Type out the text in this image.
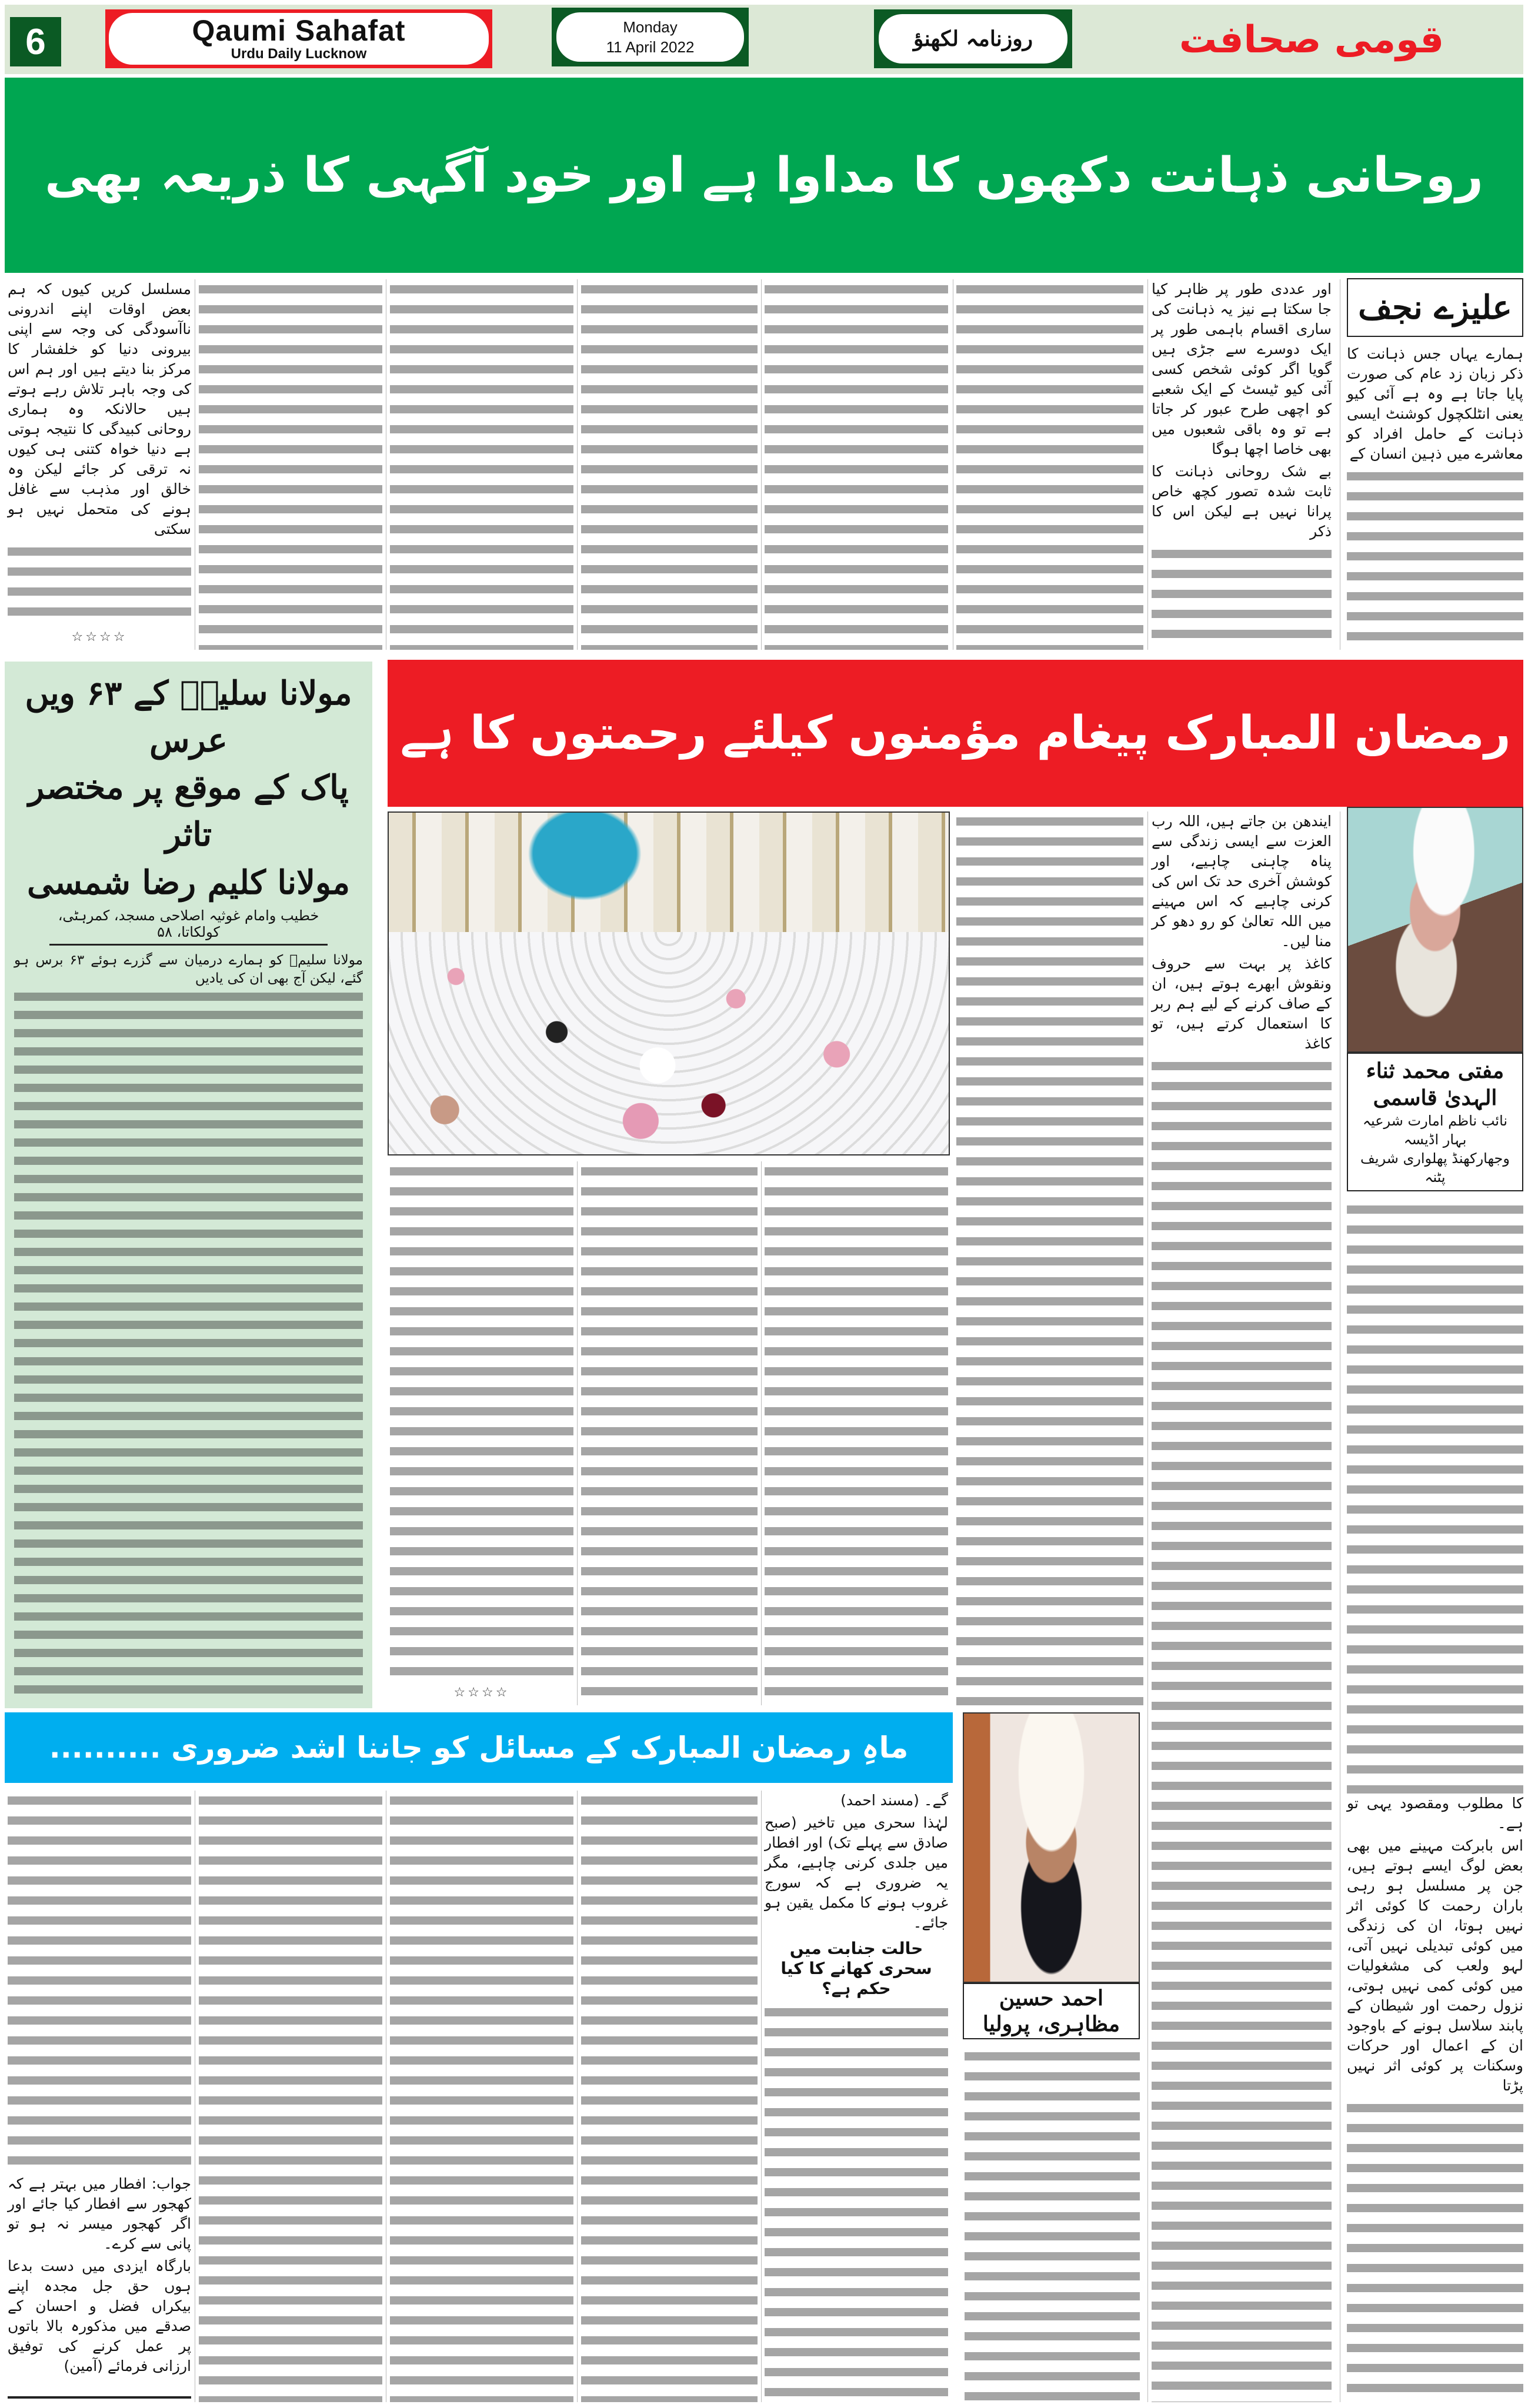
6	Qaumi Sahafat
Urdu Daily Lucknow
Monday
11 April 2022	روزنامہ لکھنؤ	قومی صحافت
روحانی ذہانت دکھوں کا مداوا ہے اور خود آگہی کا ذریعہ بھی
علیزے نجف

ہمارے یہاں جس ذہانت کا ذکر زبان زد عام کی صورت پایا جاتا ہے وہ ہے آئی کیو یعنی انٹلکچول کوشنٹ ایسی ذہانت کے حامل افراد کو معاشرے میں ذہین انسان کے

اور عددی طور پر ظاہر کیا جا سکتا ہے نیز یہ ذہانت کی ساری اقسام باہمی طور پر ایک دوسرے سے جڑی ہیں گویا اگر کوئی شخص کسی آئی کیو ٹیسٹ کے ایک شعبے کو اچھی طرح عبور کر جاتا ہے تو وہ باقی شعبوں میں بھی خاصا اچھا ہوگا

بے شک روحانی ذہانت کا ثابت شدہ تصور کچھ خاص پرانا نہیں ہے لیکن اس کا ذکر

مسلسل کریں کیوں کہ ہم بعض اوقات اپنے اندرونی ناآسودگی کی وجہ سے اپنی بیرونی دنیا کو خلفشار کا مرکز بنا دیتے ہیں اور ہم اس کی وجہ باہر تلاش رہے ہوتے ہیں حالانکہ وہ ہماری روحانی کبیدگی کا نتیجہ ہوتی ہے دنیا خواہ کتنی ہی کیوں نہ ترقی کر جائے لیکن وہ خالق اور مذہب سے غافل ہونے کی متحمل نہیں ہو سکتی

☆☆☆☆
مولانا سلیمؒ کے ۶۳ ویں عرس
پاک کے موقع پر مختصر تاثر
مولانا کلیم رضا شمسی
خطیب وامام غوثیہ اصلاحی مسجد، کمرہٹی، کولکاتا، ۵۸

مولانا سلیمؒ کو ہمارے درمیان سے گزرے ہوئے ۶۳ برس ہو گئے، لیکن آج بھی ان کی یادیں

رمضان المبارک پیغام مؤمنوں کیلئے رحمتوں کا ہے
مفتی محمد ثناء الہدیٰ قاسمی
نائب ناظم امارت شرعیہ بہار اڈیسہ
وجھارکھنڈ پھلواری شریف پٹنہ

ایندھن بن جاتے ہیں، اللہ رب العزت سے ایسی زندگی سے پناہ چاہنی چاہیے، اور کوشش آخری حد تک اس کی کرنی چاہیے کہ اس مہینے میں اللہ تعالیٰ کو رو دھو کر منا لیں۔

کاغذ پر بہت سے حروف ونقوش ابھرے ہوتے ہیں، ان کے صاف کرنے کے لیے ہم ربر کا استعمال کرتے ہیں، تو کاغذ

کا مطلوب ومقصود یہی تو ہے۔

اس بابرکت مہینے میں بھی بعض لوگ ایسے ہوتے ہیں، جن پر مسلسل ہو رہی باران رحمت کا کوئی اثر نہیں ہوتا، ان کی زندگی میں کوئی تبدیلی نہیں آتی، لہو ولعب کی مشغولیات میں کوئی کمی نہیں ہوتی، نزول رحمت اور شیطان کے پابند سلاسل ہونے کے باوجود ان کے اعمال اور حرکات وسکنات پر کوئی اثر نہیں پڑتا

☆☆☆☆
ماہِ رمضان المبارک کے مسائل کو جاننا اشد ضروری ..........
احمد حسین مظاہری، پرولیا

گے۔ (مسند احمد)

لہٰذا سحری میں تاخیر (صبح صادق سے پہلے تک) اور افطار میں جلدی کرنی چاہیے، مگر یہ ضروری ہے کہ سورج غروب ہونے کا مکمل یقین ہو جائے۔

حالت جنابت میں سحری کھانے کا کیا حکم ہے؟

جواب: افطار میں بہتر ہے کہ کھجور سے افطار کیا جائے اور اگر کھجور میسر نہ ہو تو پانی سے کرے۔

بارگاہ ایزدی میں دست بدعا ہوں حق جل مجدہ اپنے بیکراں فضل و احسان کے صدقے میں مذکورہ بالا باتوں پر عمل کرنے کی توفیق ارزانی فرمائے (آمین)
